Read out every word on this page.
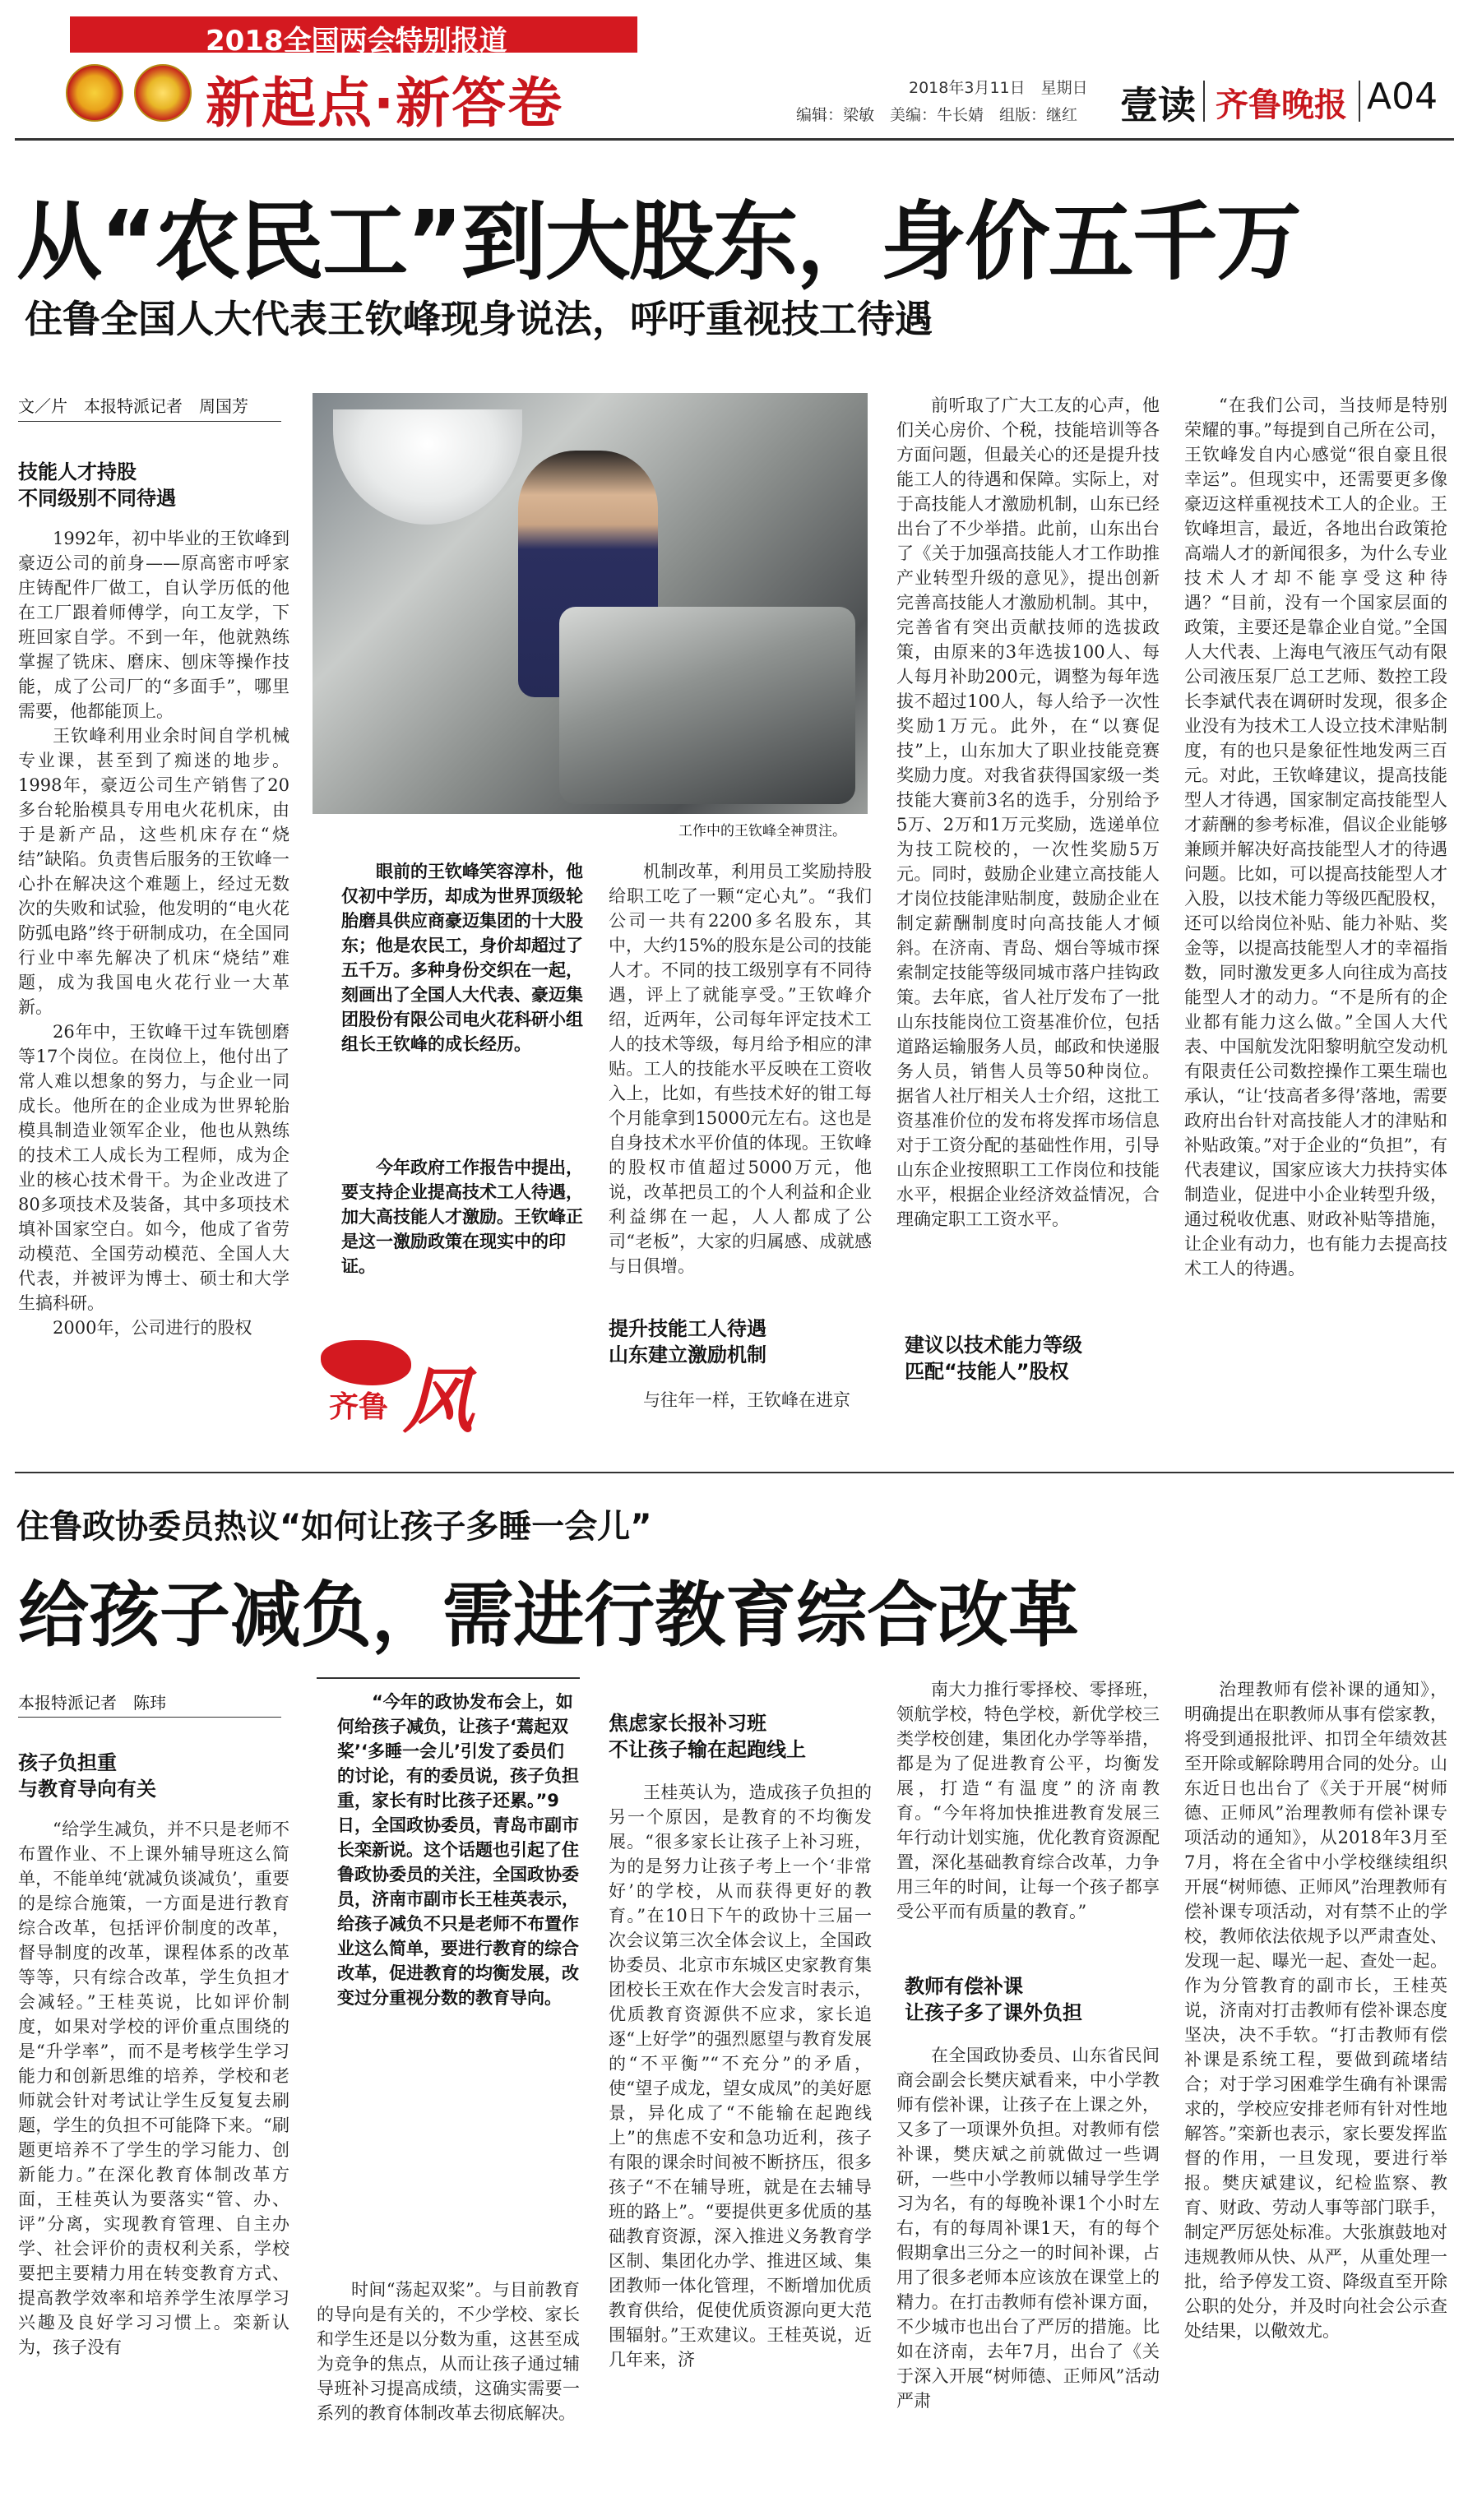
2018全国两会特别报道
新起点·新答卷	2018年3月11日　 星期日
编辑：梁敏　美编：牛长婧　组版：继红 壹读 齐鲁晚报 A04
从“农民工”到大股东，身价五千万
住鲁全国人大代表王钦峰现身说法，呼吁重视技工待遇
文／片　本报特派记者　周国芳
技能人才持股
不同级别不同待遇

1992年，初中毕业的王钦峰到豪迈公司的前身——原高密市呼家庄铸配件厂做工，自认学历低的他在工厂跟着师傅学，向工友学，下班回家自学。不到一年，他就熟练掌握了铣床、磨床、刨床等操作技能，成了公司厂的“多面手”，哪里需要，他都能顶上。

王钦峰利用业余时间自学机械专业课，甚至到了痴迷的地步。1998年，豪迈公司生产销售了20多台轮胎模具专用电火花机床，由于是新产品，这些机床存在“烧结”缺陷。负责售后服务的王钦峰一心扑在解决这个难题上，经过无数次的失败和试验，他发明的“电火花防弧电路”终于研制成功，在全国同行业中率先解决了机床“烧结”难题，成为我国电火花行业一大革新。

26年中，王钦峰干过车铣刨磨等17个岗位。在岗位上，他付出了常人难以想象的努力，与企业一同成长。他所在的企业成为世界轮胎模具制造业领军企业，他也从熟练的技术工人成长为工程师，成为企业的核心技术骨干。为企业改进了80多项技术及装备，其中多项技术填补国家空白。如今，他成了省劳动模范、全国劳动模范、全国人大代表，并被评为博士、硕士和大学生搞科研。

2000年，公司进行的股权

工作中的王钦峰全神贯注。
眼前的王钦峰笑容淳朴，他仅初中学历，却成为世界顶级轮胎磨具供应商豪迈集团的十大股东；他是农民工，身价却超过了五千万。多种身份交织在一起，刻画出了全国人大代表、豪迈集团股份有限公司电火花科研小组组长王钦峰的成长经历。
今年政府工作报告中提出，要支持企业提高技术工人待遇，加大高技能人才激励。王钦峰正是这一激励政策在现实中的印证。
齐鲁 风
机制改革，利用员工奖励持股给职工吃了一颗“定心丸”。“我们公司一共有2200多名股东，其中，大约15%的股东是公司的技能人才。不同的技工级别享有不同待遇，评上了就能享受。”王钦峰介绍，近两年，公司每年评定技术工人的技术等级，每月给予相应的津贴。工人的技能水平反映在工资收入上，比如，有些技术好的钳工每个月能拿到15000元左右。这也是自身技术水平价值的体现。王钦峰的股权市值超过5000万元，他说，改革把员工的个人利益和企业利益绑在一起，人人都成了公司“老板”，大家的归属感、成就感与日俱增。
提升技能工人待遇
山东建立激励机制
与往年一样，王钦峰在进京
前听取了广大工友的心声，他们关心房价、个税，技能培训等各方面问题，但最关心的还是提升技能工人的待遇和保障。实际上，对于高技能人才激励机制，山东已经出台了不少举措。此前，山东出台了《关于加强高技能人才工作助推产业转型升级的意见》，提出创新完善高技能人才激励机制。其中，完善省有突出贡献技师的选拔政策，由原来的3年选拔100人、每人每月补助200元，调整为每年选拔不超过100人，每人给予一次性奖励1万元。此外，在“以赛促技”上，山东加大了职业技能竞赛奖励力度。对我省获得国家级一类技能大赛前3名的选手，分别给予5万、2万和1万元奖励，选递单位为技工院校的，一次性奖励5万元。同时，鼓励企业建立高技能人才岗位技能津贴制度，鼓励企业在制定薪酬制度时向高技能人才倾斜。在济南、青岛、烟台等城市探索制定技能等级同城市落户挂钩政策。去年底，省人社厅发布了一批山东技能岗位工资基准价位，包括道路运输服务人员，邮政和快递服务人员，销售人员等50种岗位。据省人社厅相关人士介绍，这批工资基准价位的发布将发挥市场信息对于工资分配的基础性作用，引导山东企业按照职工工作岗位和技能水平，根据企业经济效益情况，合理确定职工工资水平。
建议以技术能力等级
匹配“技能人”股权
“在我们公司，当技师是特别荣耀的事。”每提到自己所在公司，王钦峰发自内心感觉“很自豪且很幸运”。但现实中，还需要更多像豪迈这样重视技术工人的企业。王钦峰坦言，最近，各地出台政策抢高端人才的新闻很多，为什么专业技术人才却不能享受这种待遇？“目前，没有一个国家层面的政策，主要还是靠企业自觉。”全国人大代表、上海电气液压气动有限公司液压泵厂总工艺师、数控工段长李斌代表在调研时发现，很多企业没有为技术工人设立技术津贴制度，有的也只是象征性地发两三百元。对此，王钦峰建议，提高技能型人才待遇，国家制定高技能型人才薪酬的参考标准，倡议企业能够兼顾并解决好高技能型人才的待遇问题。比如，可以提高技能型人才入股，以技术能力等级匹配股权，还可以给岗位补贴、能力补贴、奖金等，以提高技能型人才的幸福指数，同时激发更多人向往成为高技能型人才的动力。“不是所有的企业都有能力这么做。”全国人大代表、中国航发沈阳黎明航空发动机有限责任公司数控操作工栗生瑞也承认，“让‘技高者多得’落地，需要政府出台针对高技能人才的津贴和补贴政策。”对于企业的“负担”，有代表建议，国家应该大力扶持实体制造业，促进中小企业转型升级，通过税收优惠、财政补贴等措施，让企业有动力，也有能力去提高技术工人的待遇。
住鲁政协委员热议“如何让孩子多睡一会儿”
给孩子减负，需进行教育综合改革
本报特派记者　陈玮
孩子负担重
与教育导向有关
“给学生减负，并不只是老师不布置作业、不上课外辅导班这么简单，不能单纯‘就减负谈减负’，重要的是综合施策，一方面是进行教育综合改革，包括评价制度的改革，督导制度的改革，课程体系的改革等等，只有综合改革，学生负担才会减轻。”王桂英说，比如评价制度，如果对学校的评价重点围绕的是“升学率”，而不是考核学生学习能力和创新思维的培养，学校和老师就会针对考试让学生反复复去刷题，学生的负担不可能降下来。“刷题更培养不了学生的学习能力、创新能力。”在深化教育体制改革方面，王桂英认为要落实“管、办、评”分离，实现教育管理、自主办学、社会评价的责权利关系，学校要把主要精力用在转变教育方式、提高教学效率和培养学生浓厚学习兴趣及良好学习习惯上。栾新认为，孩子没有
“今年的政协发布会上，如何给孩子减负，让孩子‘蔫起双桨’‘多睡一会儿’引发了委员们的讨论，有的委员说，孩子负担重，家长有时比孩子还累。”9日，全国政协委员，青岛市副市长栾新说。这个话题也引起了住鲁政协委员的关注，全国政协委员，济南市副市长王桂英表示，给孩子减负不只是老师不布置作业这么简单，要进行教育的综合改革，促进教育的均衡发展，改变过分重视分数的教育导向。
时间“荡起双桨”。与目前教育的导向是有关的，不少学校、家长和学生还是以分数为重，这甚至成为竞争的焦点，从而让孩子通过辅导班补习提高成绩，这确实需要一系列的教育体制改革去彻底解决。
焦虑家长报补习班
不让孩子输在起跑线上
王桂英认为，造成孩子负担的另一个原因，是教育的不均衡发展。“很多家长让孩子上补习班，为的是努力让孩子考上一个‘非常好’的学校，从而获得更好的教育。”在10日下午的政协十三届一次会议第三次全体会议上，全国政协委员、北京市东城区史家教育集团校长王欢在作大会发言时表示，优质教育资源供不应求，家长追逐“上好学”的强烈愿望与教育发展的“不平衡”“不充分”的矛盾，使“望子成龙，望女成凤”的美好愿景，异化成了“不能输在起跑线上”的焦虑不安和急功近利，孩子有限的课余时间被不断挤压，很多孩子“不在辅导班，就是在去辅导班的路上”。“要提供更多优质的基础教育资源，深入推进义务教育学区制、集团化办学、推进区域、集团教师一体化管理，不断增加优质教育供给，促使优质资源向更大范围辐射。”王欢建议。王桂英说，近几年来，济
南大力推行零择校、零择班，领航学校，特色学校，新优学校三类学校创建，集团化办学等举措，都是为了促进教育公平，均衡发展，打造“有温度”的济南教育。“今年将加快推进教育发展三年行动计划实施，优化教育资源配置，深化基础教育综合改革，力争用三年的时间，让每一个孩子都享受公平而有质量的教育。”
教师有偿补课
让孩子多了课外负担
在全国政协委员、山东省民间商会副会长樊庆斌看来，中小学教师有偿补课，让孩子在上课之外，又多了一项课外负担。对教师有偿补课，樊庆斌之前就做过一些调研，一些中小学教师以辅导学生学习为名，有的每晚补课1个小时左右，有的每周补课1天，有的每个假期拿出三分之一的时间补课，占用了很多老师本应该放在课堂上的精力。在打击教师有偿补课方面，不少城市也出台了严厉的措施。比如在济南，去年7月，出台了《关于深入开展“树师德、正师风”活动严肃
治理教师有偿补课的通知》，明确提出在职教师从事有偿家教，将受到通报批评、扣罚全年绩效甚至开除或解除聘用合同的处分。山东近日也出台了《关于开展“树师德、正师风”治理教师有偿补课专项活动的通知》，从2018年3月至7月，将在全省中小学校继续组织开展“树师德、正师风”治理教师有偿补课专项活动，对有禁不止的学校，教师依法依规予以严肃查处、发现一起、曝光一起、查处一起。作为分管教育的副市长，王桂英说，济南对打击教师有偿补课态度坚决，决不手软。“打击教师有偿补课是系统工程，要做到疏堵结合；对于学习困难学生确有补课需求的，学校应安排老师有针对性地解答。”栾新也表示，家长要发挥监督的作用，一旦发现，要进行举报。樊庆斌建议，纪检监察、教育、财政、劳动人事等部门联手，制定严厉惩处标准。大张旗鼓地对违规教师从快、从严，从重处理一批，给予停发工资、降级直至开除公职的处分，并及时向社会公示查处结果，以儆效尤。
